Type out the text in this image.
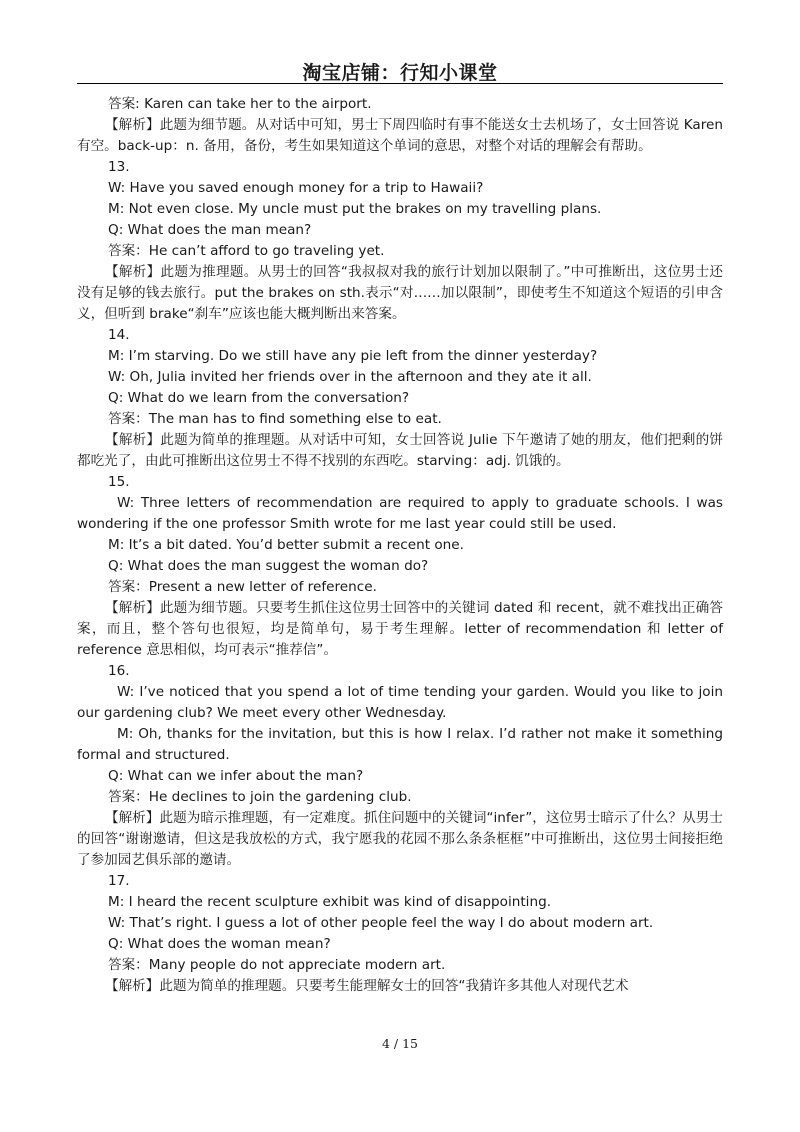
淘宝店铺：行知小课堂

答案: Karen can take her to the airport.

【解析】此题为细节题。从对话中可知，男士下周四临时有事不能送女士去机场了，女士回答说 Karen 有空。back-up：n. 备用，备份，考生如果知道这个单词的意思，对整个对话的理解会有帮助。

13.

W: Have you saved enough money for a trip to Hawaii?

M: Not even close. My uncle must put the brakes on my travelling plans.

Q: What does the man mean?

答案：He can’t afford to go traveling yet.

【解析】此题为推理题。从男士的回答“我叔叔对我的旅行计划加以限制了。”中可推断出，这位男士还没有足够的钱去旅行。put the brakes on sth.表示“对……加以限制”，即使考生不知道这个短语的引申含义，但听到 brake“刹车”应该也能大概判断出来答案。

14.

M: I’m starving. Do we still have any pie left from the dinner yesterday?

W: Oh, Julia invited her friends over in the afternoon and they ate it all.

Q: What do we learn from the conversation?

答案：The man has to find something else to eat.

【解析】此题为简单的推理题。从对话中可知，女士回答说 Julie 下午邀请了她的朋友，他们把剩的饼都吃光了，由此可推断出这位男士不得不找别的东西吃。starving：adj. 饥饿的。

15.

W: Three letters of recommendation are required to apply to graduate schools. I was wondering if the one professor Smith wrote for me last year could still be used.

M: It’s a bit dated. You’d better submit a recent one.

Q: What does the man suggest the woman do?

答案：Present a new letter of reference.

【解析】此题为细节题。只要考生抓住这位男士回答中的关键词 dated 和 recent，就不难找出正确答案，而且，整个答句也很短，均是简单句，易于考生理解。letter of recommendation 和 letter of reference 意思相似，均可表示“推荐信”。

16.

W: I’ve noticed that you spend a lot of time tending your garden. Would you like to join our gardening club? We meet every other Wednesday.

M: Oh, thanks for the invitation, but this is how I relax. I’d rather not make it something formal and structured.

Q: What can we infer about the man?

答案：He declines to join the gardening club.

【解析】此题为暗示推理题，有一定难度。抓住问题中的关键词“infer”，这位男士暗示了什么？从男士的回答“谢谢邀请，但这是我放松的方式，我宁愿我的花园不那么条条框框”中可推断出，这位男士间接拒绝了参加园艺俱乐部的邀请。

17.

M: I heard the recent sculpture exhibit was kind of disappointing.

W: That’s right. I guess a lot of other people feel the way I do about modern art.

Q: What does the woman mean?

答案：Many people do not appreciate modern art.

【解析】此题为简单的推理题。只要考生能理解女士的回答“我猜许多其他人对现代艺术

4 / 15
